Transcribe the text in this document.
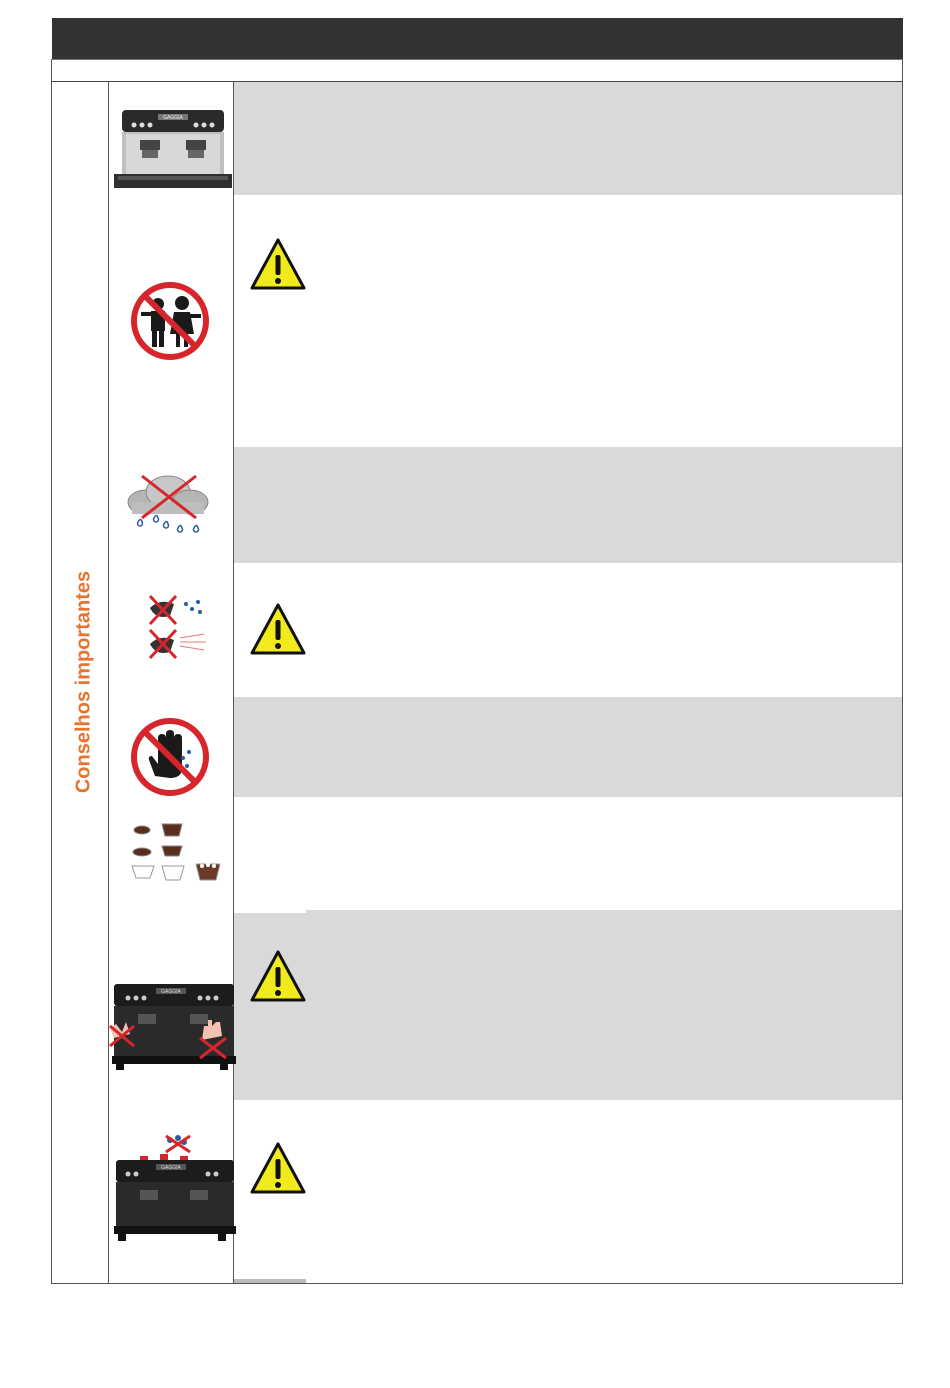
Conselhos importantes
GAGGIA
GAGGIA
GAGGIA
